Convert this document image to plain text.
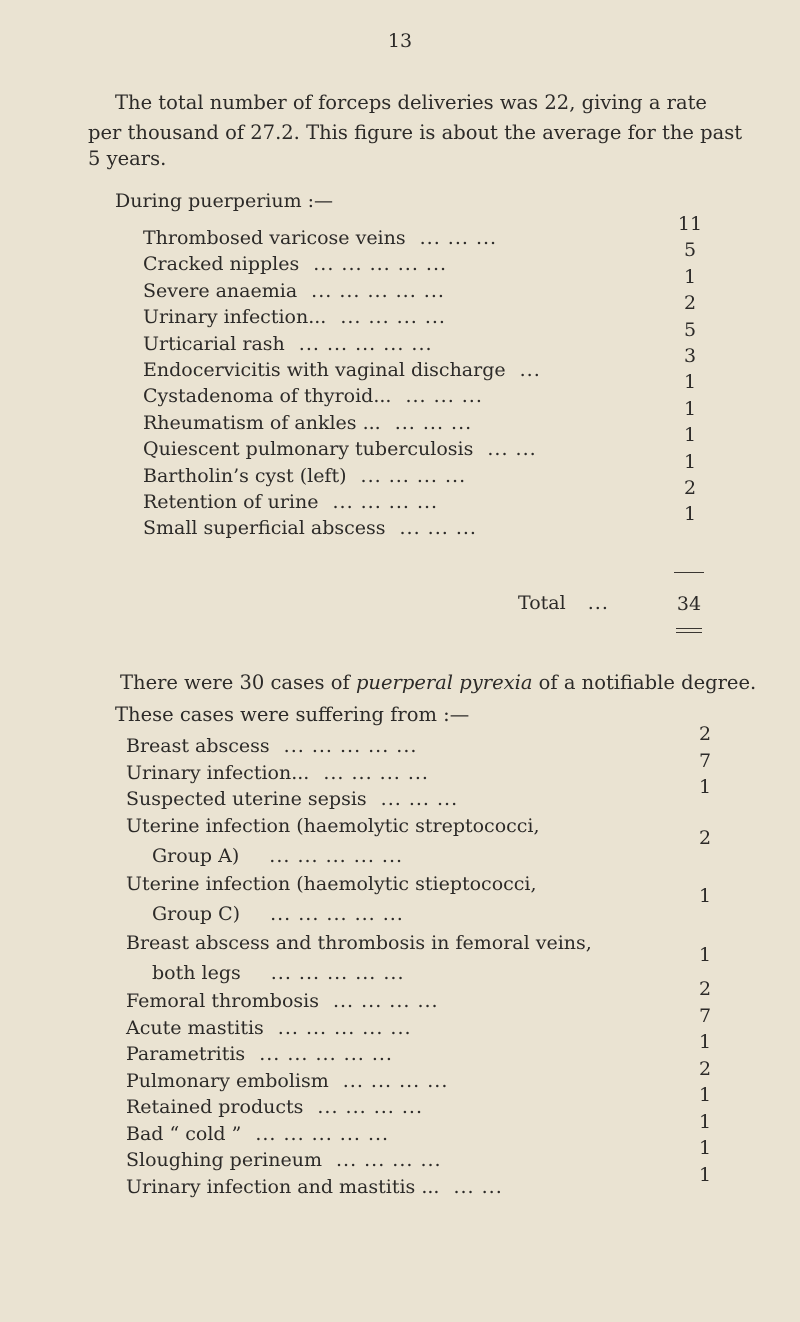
13
The total number of forceps deliveries was 22, giving a rate
per thousand of 27.2. This figure is about the average for the past
5 years.
During puerperium :—
Thrombosed varicose veins ... ... ...
11
Cracked nipples ... ... ... ... ...
5
Severe anaemia ... ... ... ... ...
1
Urinary infection... ... ... ... ...
2
Urticarial rash ... ... ... ... ...
5
Endocervicitis with vaginal discharge ...
3
Cystadenoma of thyroid... ... ... ...
1
Rheumatism of ankles ... ... ... ...
1
Quiescent pulmonary tuberculosis ... ...
1
Bartholin’s cyst (left) ... ... ... ...
1
Retention of urine ... ... ... ...
2
Small superficial abscess ... ... ...
1
Total ...	34
There were 30 cases of puerperal pyrexia of a notifiable degree.
These cases were suffering from :—
Breast abscess ... ... ... ... ...
2
Urinary infection... ... ... ... ...
7
Suspected uterine sepsis ... ... ...
1
Uterine infection (haemolytic streptococci,
Group A) ... ... ... ... ...
2
Uterine infection (haemolytic stieptococci,
Group C) ... ... ... ... ...
1
Breast abscess and thrombosis in femoral veins,
both legs ... ... ... ... ...
1
Femoral thrombosis ... ... ... ...
2
Acute mastitis ... ... ... ... ...
7
Parametritis ... ... ... ... ...
1
Pulmonary embolism ... ... ... ...
2
Retained products ... ... ... ...
1
Bad “ cold ” ... ... ... ... ...
1
Sloughing perineum ... ... ... ...
1
Urinary infection and mastitis ... ... ...
1
